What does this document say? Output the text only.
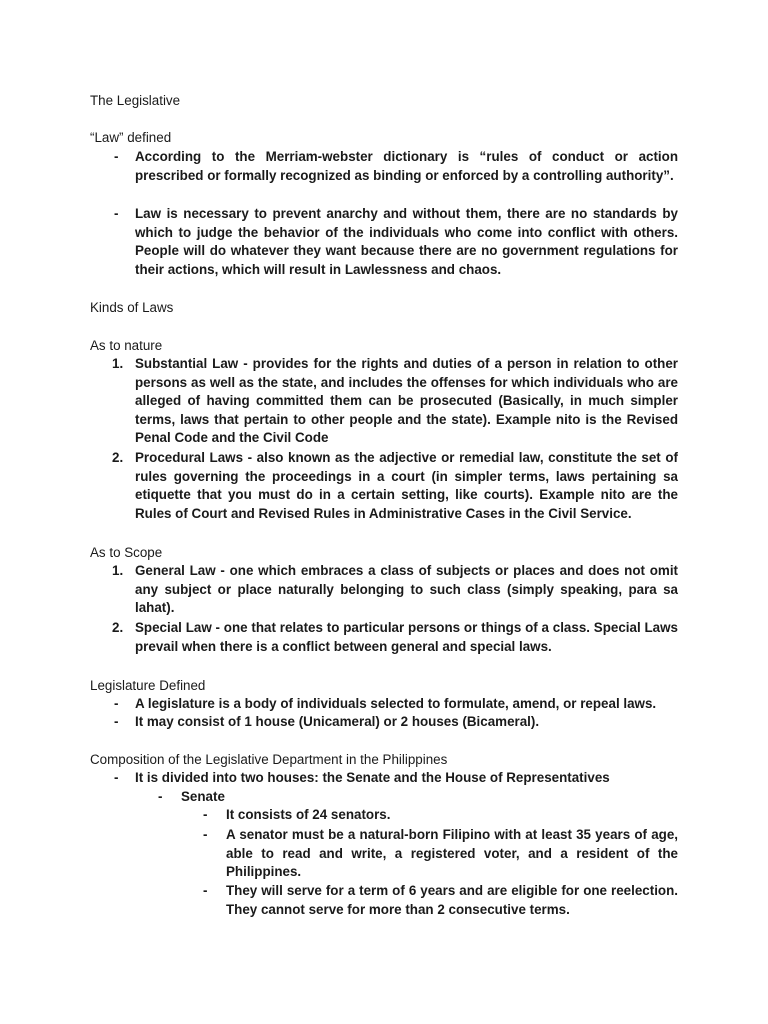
The Legislative
“Law” defined
- According to the Merriam-webster dictionary is “rules of conduct or action prescribed or formally recognized as binding or enforced by a controlling authority”.
- Law is necessary to prevent anarchy and without them, there are no standards by which to judge the behavior of the individuals who come into conflict with others. People will do whatever they want because there are no government regulations for their actions, which will result in Lawlessness and chaos.
Kinds of Laws
As to nature
1. Substantial Law - provides for the rights and duties of a person in relation to other persons as well as the state, and includes the offenses for which individuals who are alleged of having committed them can be prosecuted (Basically, in much simpler terms, laws that pertain to other people and the state). Example nito is the Revised Penal Code and the Civil Code
2. Procedural Laws - also known as the adjective or remedial law, constitute the set of rules governing the proceedings in a court (in simpler terms, laws pertaining sa etiquette that you must do in a certain setting, like courts). Example nito are the Rules of Court and Revised Rules in Administrative Cases in the Civil Service.
As to Scope
1. General Law - one which embraces a class of subjects or places and does not omit any subject or place naturally belonging to such class (simply speaking, para sa lahat).
2. Special Law - one that relates to particular persons or things of a class. Special Laws prevail when there is a conflict between general and special laws.
Legislature Defined
- A legislature is a body of individuals selected to formulate, amend, or repeal laws.
- It may consist of 1 house (Unicameral) or 2 houses (Bicameral).
Composition of the Legislative Department in the Philippines
- It is divided into two houses: the Senate and the House of Representatives
- Senate
- It consists of 24 senators.
- A senator must be a natural-born Filipino with at least 35 years of age, able to read and write, a registered voter, and a resident of the Philippines.
- They will serve for a term of 6 years and are eligible for one reelection. They cannot serve for more than 2 consecutive terms.
